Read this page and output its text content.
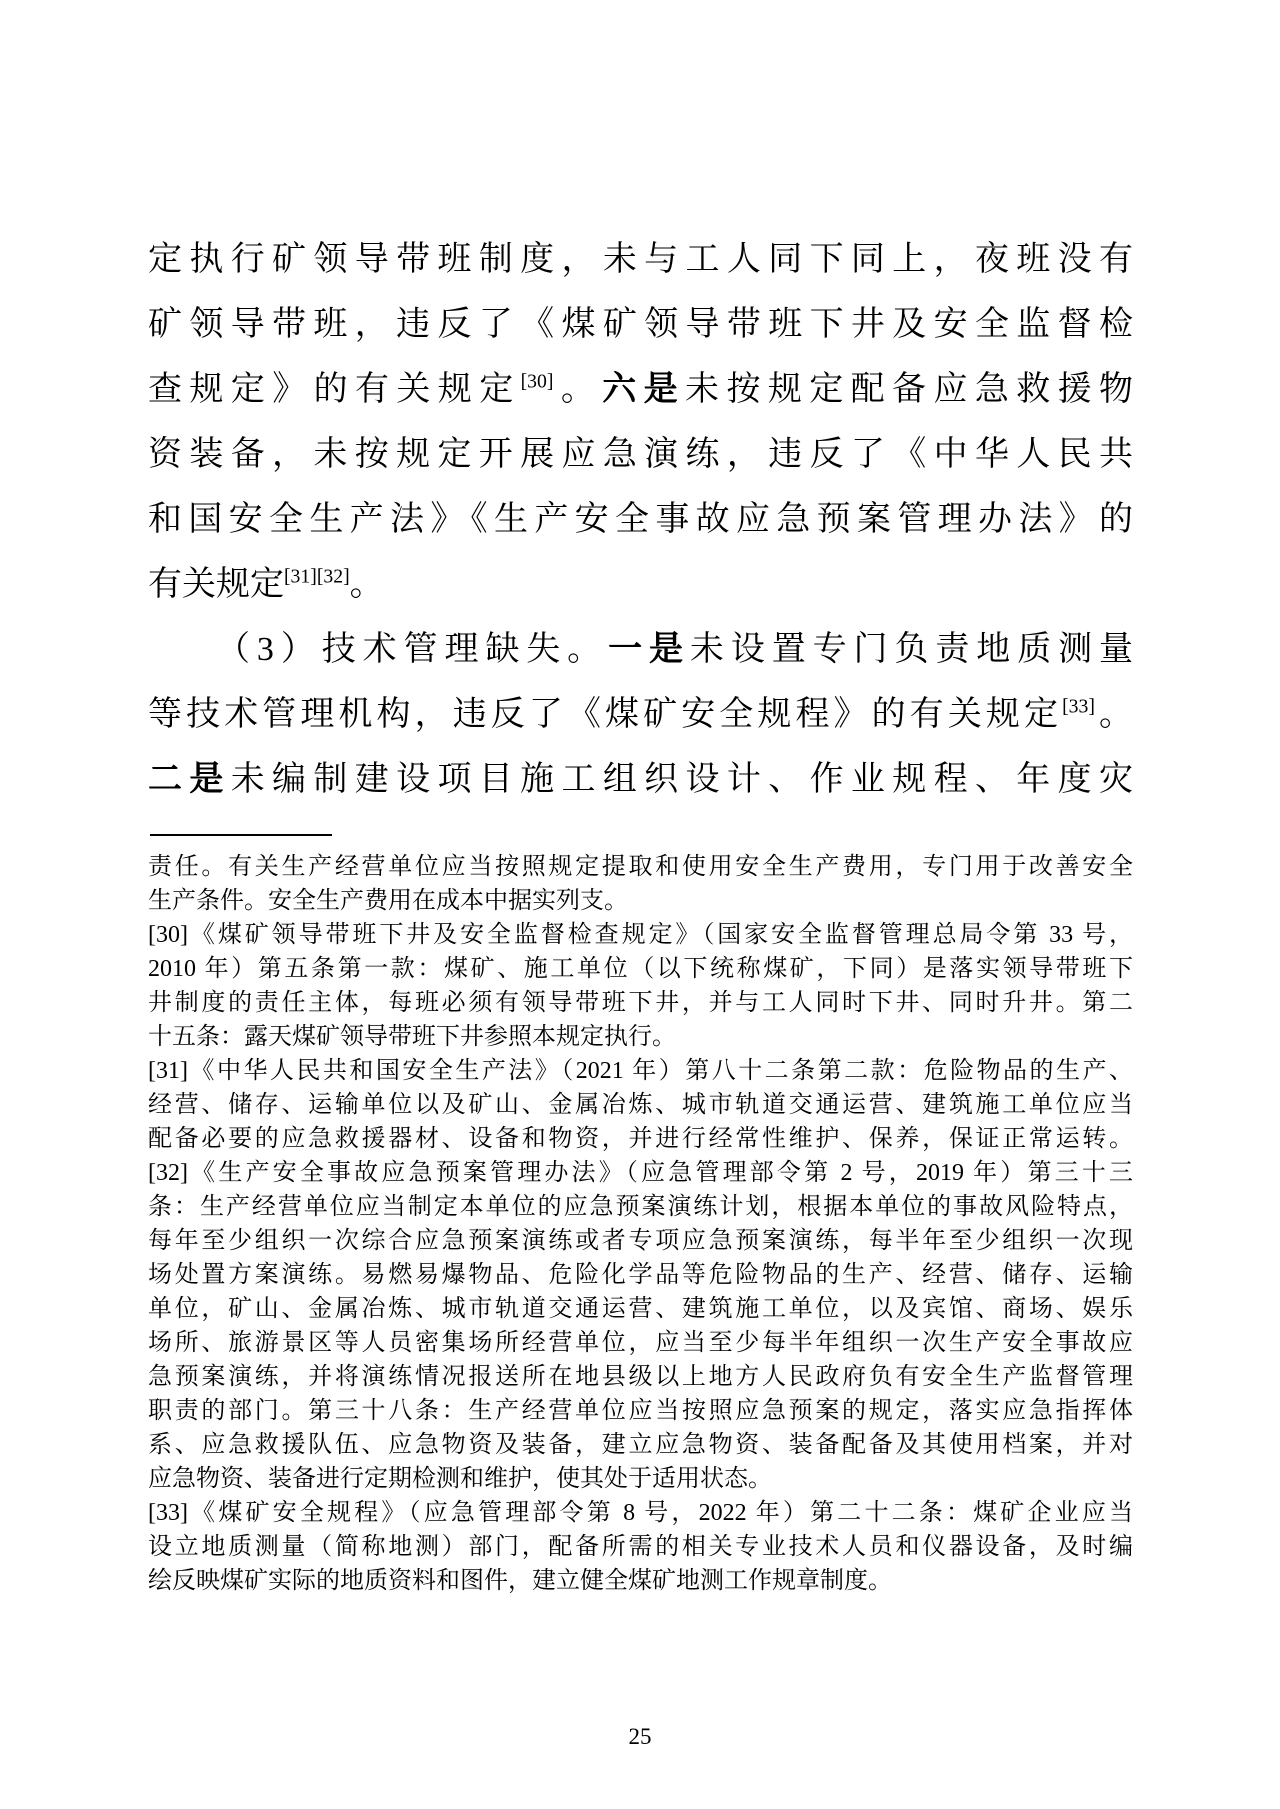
定执行矿领导带班制度，未与工人同下同上，夜班没有
矿领导带班，违反了《煤矿领导带班下井及安全监督检
查规定》的有关规定[30]。六是未按规定配备应急救援物
资装备，未按规定开展应急演练，违反了《中华人民共
和国安全生产法》《生产安全事故应急预案管理办法》的
有关规定[31][32]。
（3）技术管理缺失。一是未设置专门负责地质测量
等技术管理机构，违反了《煤矿安全规程》的有关规定[33]。
二是未编制建设项目施工组织设计、作业规程、年度灾
责任。有关生产经营单位应当按照规定提取和使用安全生产费用，专门用于改善安全
生产条件。安全生产费用在成本中据实列支。
[30]《煤矿领导带班下井及安全监督检查规定》（国家安全监督管理总局令第 33 号，
2010 年）第五条第一款：煤矿、施工单位（以下统称煤矿，下同）是落实领导带班下
井制度的责任主体，每班必须有领导带班下井，并与工人同时下井、同时升井。第二
十五条：露天煤矿领导带班下井参照本规定执行。
[31]《中华人民共和国安全生产法》（2021 年）第八十二条第二款：危险物品的生产、
经营、储存、运输单位以及矿山、金属冶炼、城市轨道交通运营、建筑施工单位应当
配备必要的应急救援器材、设备和物资，并进行经常性维护、保养，保证正常运转。
[32]《生产安全事故应急预案管理办法》（应急管理部令第 2 号，2019 年）第三十三
条：生产经营单位应当制定本单位的应急预案演练计划，根据本单位的事故风险特点，
每年至少组织一次综合应急预案演练或者专项应急预案演练，每半年至少组织一次现
场处置方案演练。易燃易爆物品、危险化学品等危险物品的生产、经营、储存、运输
单位，矿山、金属冶炼、城市轨道交通运营、建筑施工单位，以及宾馆、商场、娱乐
场所、旅游景区等人员密集场所经营单位，应当至少每半年组织一次生产安全事故应
急预案演练，并将演练情况报送所在地县级以上地方人民政府负有安全生产监督管理
职责的部门。第三十八条：生产经营单位应当按照应急预案的规定，落实应急指挥体
系、应急救援队伍、应急物资及装备，建立应急物资、装备配备及其使用档案，并对
应急物资、装备进行定期检测和维护，使其处于适用状态。
[33]《煤矿安全规程》（应急管理部令第 8 号，2022 年）第二十二条：煤矿企业应当
设立地质测量（简称地测）部门，配备所需的相关专业技术人员和仪器设备，及时编
绘反映煤矿实际的地质资料和图件，建立健全煤矿地测工作规章制度。
25
